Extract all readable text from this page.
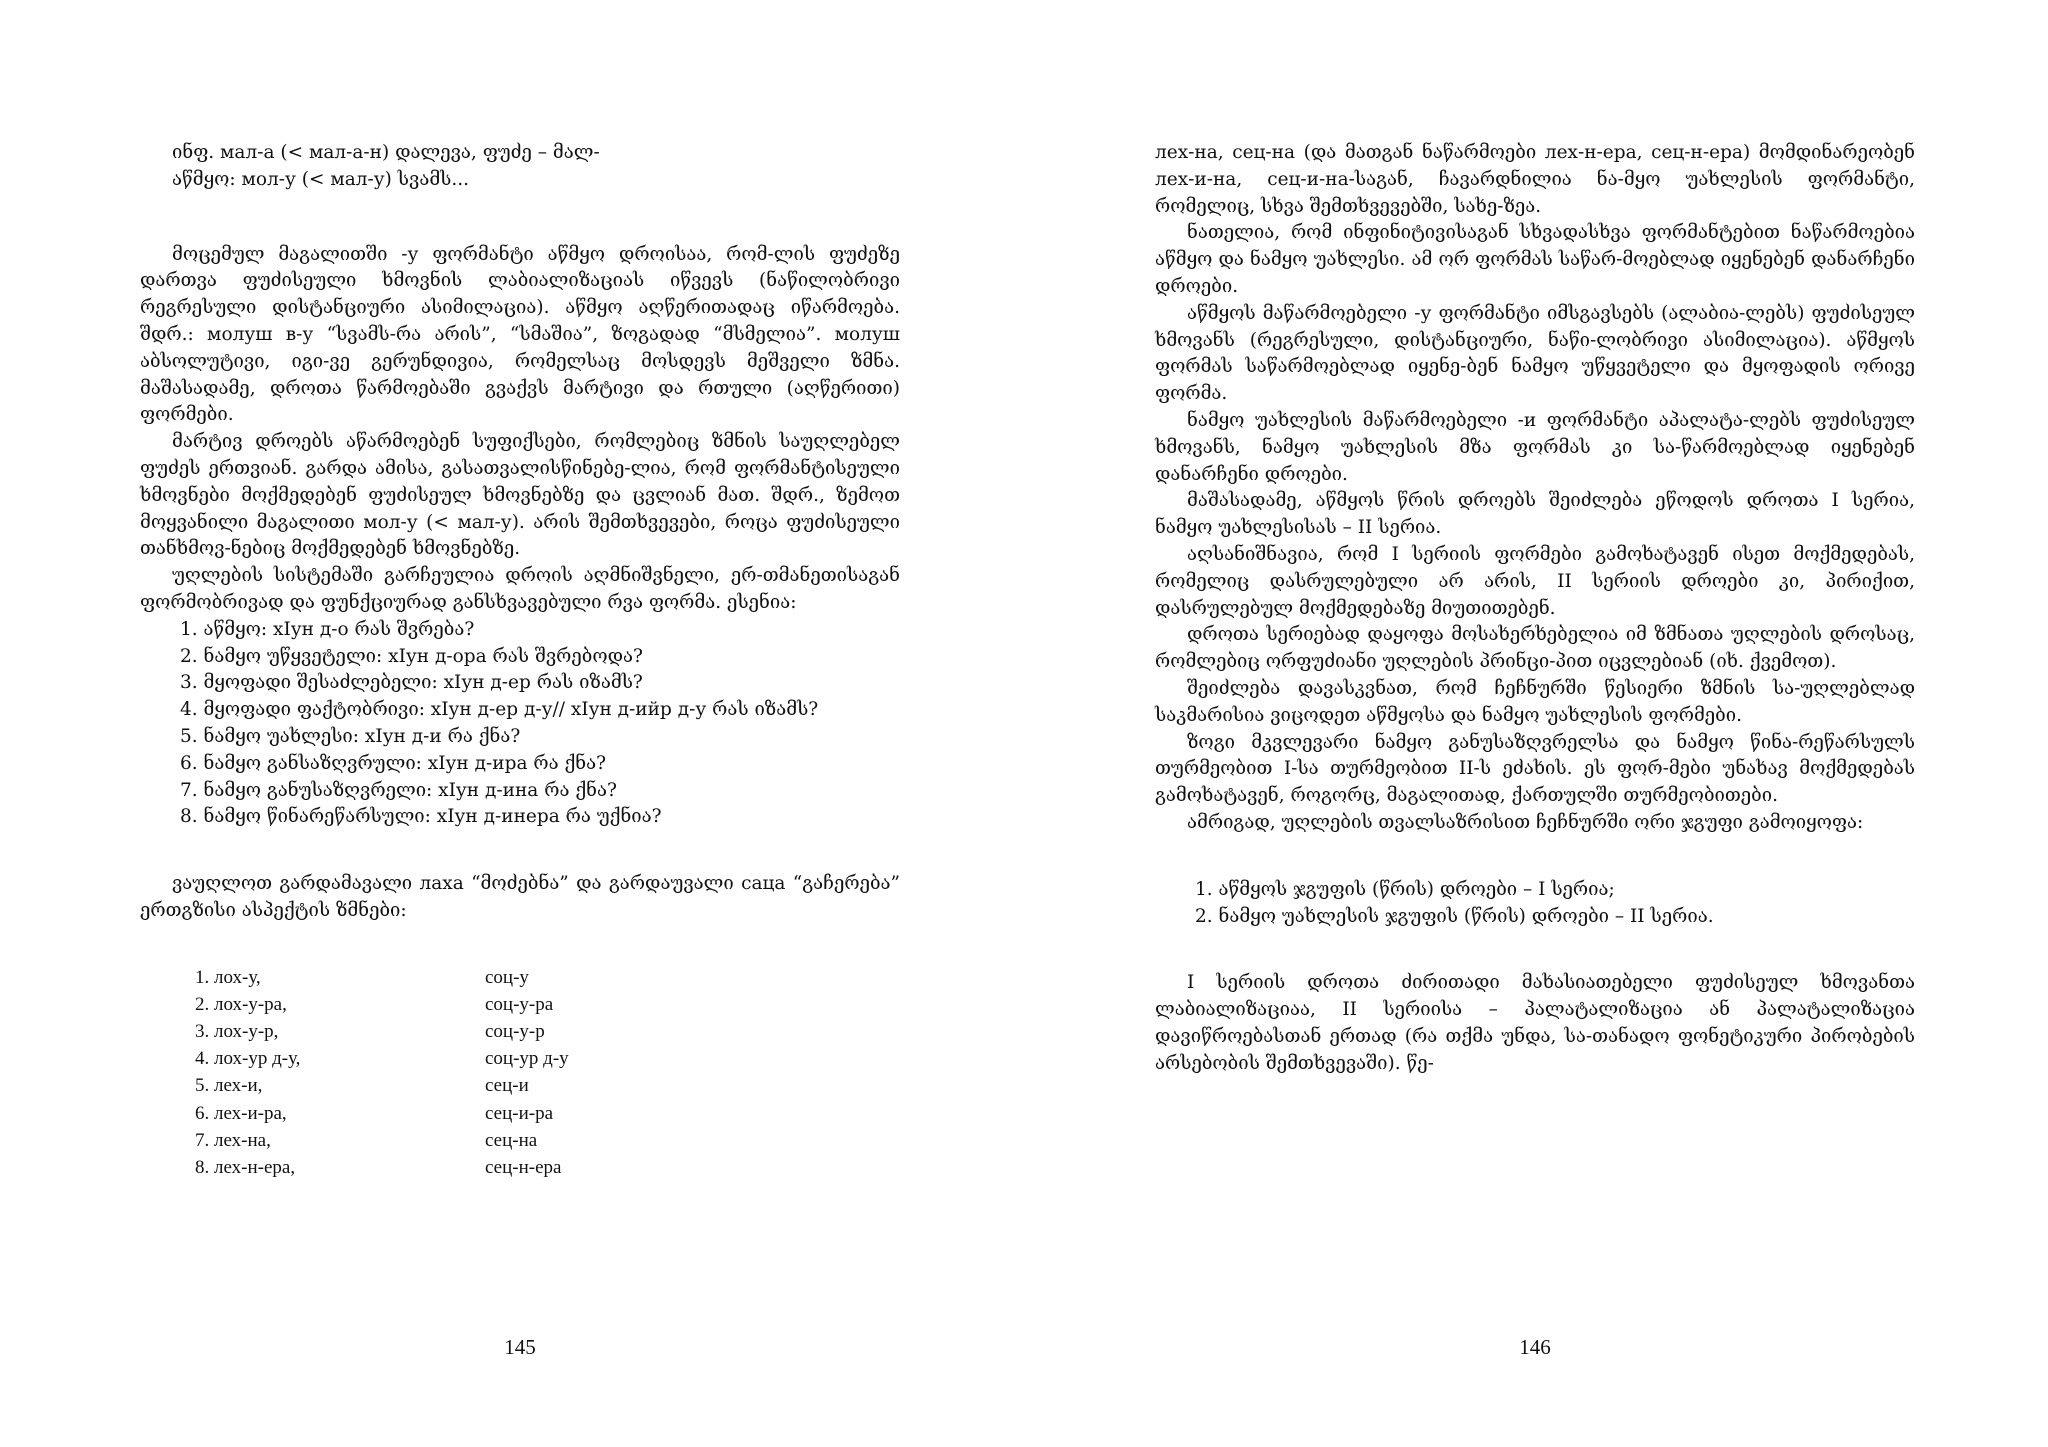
ინფ. мал-а (< мал-а-н) დალევა, ფუძე – მალ-

აწმყო: мол-у (< мал-у) სვამს...

მოცემულ მაგალითში -у ფორმანტი აწმყო დროისაა, რომ-ლის ფუძეზე დართვა ფუძისეული ხმოვნის ლაბიალიზაციას იწვევს (ნაწილობრივი რეგრესული დისტანციური ასიმილაცია). აწმყო აღწერითადაც იწარმოება. შდრ.: молуш в-у “სვამს-რა არის”, “სმაშია”, ზოგადად “მსმელია”. молуш აბსოლუტივი, იგი-ვე გერუნდივია, რომელსაც მოსდევს მეშველი ზმნა. მაშასადამე, დროთა წარმოებაში გვაქვს მარტივი და რთული (აღწერითი) ფორმები.

მარტივ დროებს აწარმოებენ სუფიქსები, რომლებიც ზმნის საუღლებელ ფუძეს ერთვიან. გარდა ამისა, გასათვალისწინებე-ლია, რომ ფორმანტისეული ხმოვნები მოქმედებენ ფუძისეულ ხმოვნებზე და ცვლიან მათ. შდრ., ზემოთ მოყვანილი მაგალითი мол-у (< мал-у). არის შემთხვევები, როცა ფუძისეული თანხმოვ-ნებიც მოქმედებენ ხმოვნებზე.

უღლების სისტემაში გარჩეულია დროის აღმნიშვნელი, ერ-თმანეთისაგან ფორმობრივად და ფუნქციურად განსხვავებული რვა ფორმა. ესენია:

1. აწმყო: хIун д-о რას შვრება?

2. ნამყო უწყვეტელი: хIун д-ора რას შვრებოდა?

3. მყოფადი შესაძლებელი: хIун д-ер რას იზამს?

4. მყოფადი ფაქტობრივი: хIун д-ер д-у// хIун д-ийр д-у რას იზამს?

5. ნამყო უახლესი: хIун д-и რა ქნა?

6. ნამყო განსაზღვრული: хIун д-ира რა ქნა?

7. ნამყო განუსაზღვრელი: хIун д-ина რა ქნა?

8. ნამყო წინარეწარსული: хIун д-инера რა უქნია?

ვაუღლოთ გარდამავალი лаха “მოძებნა” და გარდაუვალი саца “გაჩერება” ერთგზისი ასპექტის ზმნები:

1. лох-у,	соц-у
2. лох-у-ра,	соц-у-ра
3. лох-у-р,	соц-у-р
4. лох-ур д-у,	соц-ур д-у
5. лех-и,	сец-и
6. лех-и-ра,	сец-и-ра
7. лех-на,	сец-на
8. лех-н-ера,	сец-н-ера
145

лех-на, сец-на (და მათგან ნაწარმოები лех-н-ера, сец-н-ера) მომდინარეობენ лех-и-на, сец-и-на-საგან, ჩავარდნილია ნა-მყო უახლესის ფორმანტი, რომელიც, სხვა შემთხვევებში, სახე-ზეა.

ნათელია, რომ ინფინიტივისაგან სხვადასხვა ფორმანტებით ნაწარმოებია აწმყო და ნამყო უახლესი. ამ ორ ფორმას საწარ-მოებლად იყენებენ დანარჩენი დროები.

აწმყოს მაწარმოებელი -у ფორმანტი იმსგავსებს (ალაბია-ლებს) ფუძისეულ ხმოვანს (რეგრესული, დისტანციური, ნაწი-ლობრივი ასიმილაცია). აწმყოს ფორმას საწარმოებლად იყენე-ბენ ნამყო უწყვეტელი და მყოფადის ორივე ფორმა.

ნამყო უახლესის მაწარმოებელი -и ფორმანტი აპალატა-ლებს ფუძისეულ ხმოვანს, ნამყო უახლესის მზა ფორმას კი სა-წარმოებლად იყენებენ დანარჩენი დროები.

მაშასადამე, აწმყოს წრის დროებს შეიძლება ეწოდოს დროთა I სერია, ნამყო უახლესისას – II სერია.

აღსანიშნავია, რომ I სერიის ფორმები გამოხატავენ ისეთ მოქმედებას, რომელიც დასრულებული არ არის, II სერიის დროები კი, პირიქით, დასრულებულ მოქმედებაზე მიუთითებენ.

დროთა სერიებად დაყოფა მოსახერხებელია იმ ზმნათა უღლების დროსაც, რომლებიც ორფუძიანი უღლების პრინცი-პით იცვლებიან (იხ. ქვემოთ).

შეიძლება დავასკვნათ, რომ ჩეჩნურში წესიერი ზმნის სა-უღლებლად საკმარისია ვიცოდეთ აწმყოსა და ნამყო უახლესის ფორმები.

ზოგი მკვლევარი ნამყო განუსაზღვრელსა და ნამყო წინა-რეწარსულს თურმეობით I-სა თურმეობით II-ს ეძახის. ეს ფორ-მები უნახავ მოქმედებას გამოხატავენ, როგორც, მაგალითად, ქართულში თურმეობითები.

ამრიგად, უღლების თვალსაზრისით ჩეჩნურში ორი ჯგუფი გამოიყოფა:

1. აწმყოს ჯგუფის (წრის) დროები – I სერია;

2. ნამყო უახლესის ჯგუფის (წრის) დროები – II სერია.

I სერიის დროთა ძირითადი მახასიათებელი ფუძისეულ ხმოვანთა ლაბიალიზაციაა, II სერიისა – პალატალიზაცია ან პალატალიზაცია დავიწროებასთან ერთად (რა თქმა უნდა, სა-თანადო ფონეტიკური პირობების არსებობის შემთხვევაში). წე-

146
